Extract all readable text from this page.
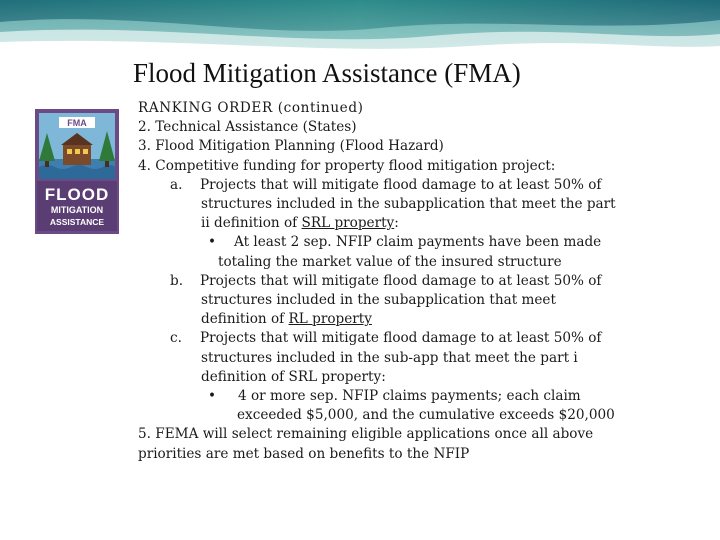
Flood Mitigation Assistance (FMA)
FMA
FLOOD
MITIGATION
ASSISTANCE
RANKING ORDER (continued)
2. Technical Assistance (States)
3. Flood Mitigation Planning (Flood Hazard)
4. Competitive funding for property flood mitigation project:
a. Projects that will mitigate flood damage to at least 50% of
structures included in the subapplication that meet the part
ii definition of SRL property:
• At least 2 sep. NFIP claim payments have been made
totaling the market value of the insured structure
b. Projects that will mitigate flood damage to at least 50% of
structures included in the subapplication that meet
definition of RL property
c. Projects that will mitigate flood damage to at least 50% of
structures included in the sub-app that meet the part i
definition of SRL property:
• 4 or more sep. NFIP claims payments; each claim
exceeded $5,000, and the cumulative exceeds $20,000
5. FEMA will select remaining eligible applications once all above
priorities are met based on benefits to the NFIP
